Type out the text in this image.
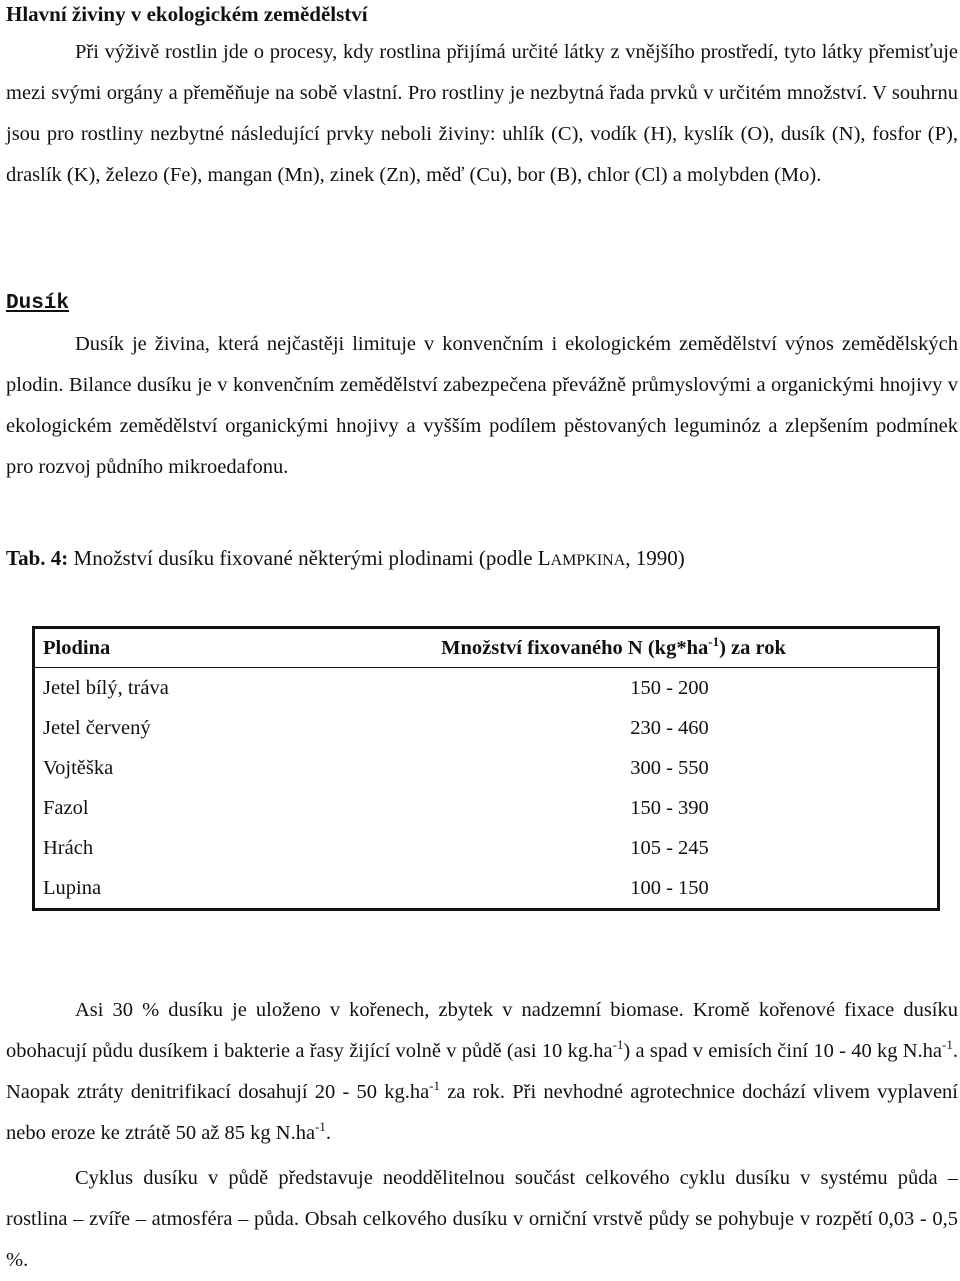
Hlavní živiny v ekologickém zemědělství

Při výživě rostlin jde o procesy, kdy rostlina přijímá určité látky z vnějšího prostředí, tyto látky přemisťuje mezi svými orgány a přeměňuje na sobě vlastní. Pro rostliny je nezbytná řada prvků v určitém množství. V souhrnu jsou pro rostliny nezbytné následující prvky neboli živiny: uhlík (C), vodík (H), kyslík (O), dusík (N), fosfor (P), draslík (K), železo (Fe), mangan (Mn), zinek (Zn), měď (Cu), bor (B), chlor (Cl) a molybden (Mo).

Dusík

Dusík je živina, která nejčastěji limituje v konvenčním i ekologickém zemědělství výnos zemědělských plodin. Bilance dusíku je v konvenčním zemědělství zabezpečena převážně průmyslovými a organickými hnojivy v ekologickém zemědělství organickými hnojivy a vyšším podílem pěstovaných leguminóz a zlepšením podmínek pro rozvoj půdního mikroedafonu.

Tab. 4: Množství dusíku fixované některými plodinami (podle LAMPKINA, 1990)
Plodina	Množství fixovaného N $(kg*ha^{-1})$ za rok
Jetel bílý, tráva	150 - 200
Jetel červený	230 - 460
Vojtěška	300 - 550
Fazol	150 - 390
Hrách	105 - 245
Lupina	100 - 150

Asi 30 % dusíku je uloženo v kořenech, zbytek v nadzemní biomase. Kromě kořenové fixace dusíku obohacují půdu dusíkem i bakterie a řasy žijící volně v půdě (asi 10 $kg.ha^{-1}$) a spad v emisích činí 10 - 40 kg $N.ha^{-1}$. Naopak ztráty denitrifikací dosahují 20 - 50 $kg.ha^{-1}$ za rok. Při nevhodné agrotechnice dochází vlivem vyplavení nebo eroze ke ztrátě 50 až 85 kg $N.ha^{-1}$.

Cyklus dusíku v půdě představuje neoddělitelnou součást celkového cyklu dusíku v systému půda – rostlina – zvíře – atmosféra – půda. Obsah celkového dusíku v orniční vrstvě půdy se pohybuje v rozpětí 0,03 - 0,5 %.
